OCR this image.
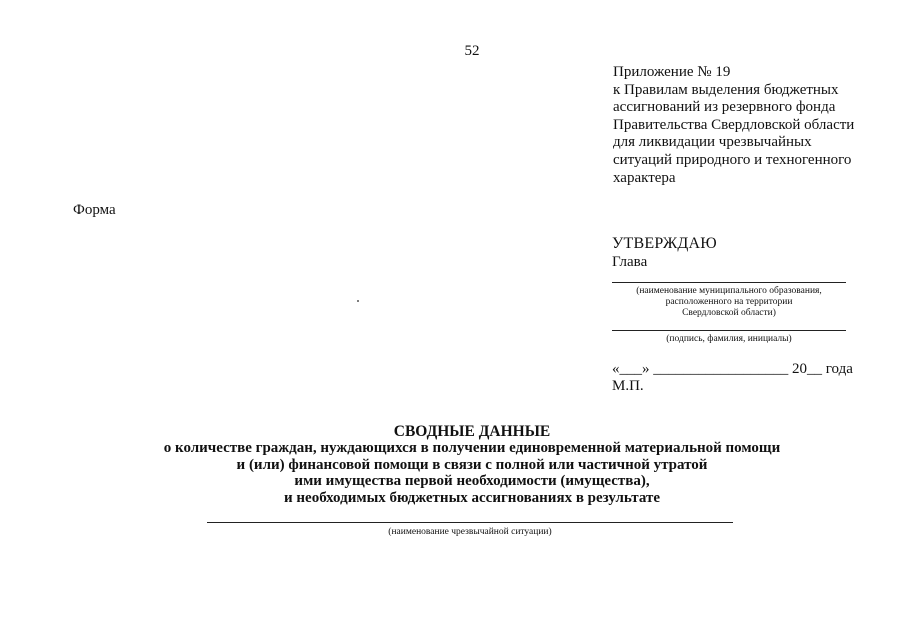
52
Приложение № 19
к Правилам выделения бюджетных
ассигнований из резервного фонда
Правительства Свердловской области
для ликвидации чрезвычайных
ситуаций природного и техногенного
характера
Форма
УТВЕРЖДАЮ
Глава
(наименование муниципального образования,
расположенного на территории
Свердловской области)
(подпись, фамилия, инициалы)
«___» __________________ 20__ года
М.П.
СВОДНЫЕ ДАННЫЕ
о количестве граждан, нуждающихся в получении единовременной материальной помощи
и (или) финансовой помощи в связи с полной или частичной утратой
ими имущества первой необходимости (имущества),
и необходимых бюджетных ассигнованиях в результате
(наименование чрезвычайной ситуации)
